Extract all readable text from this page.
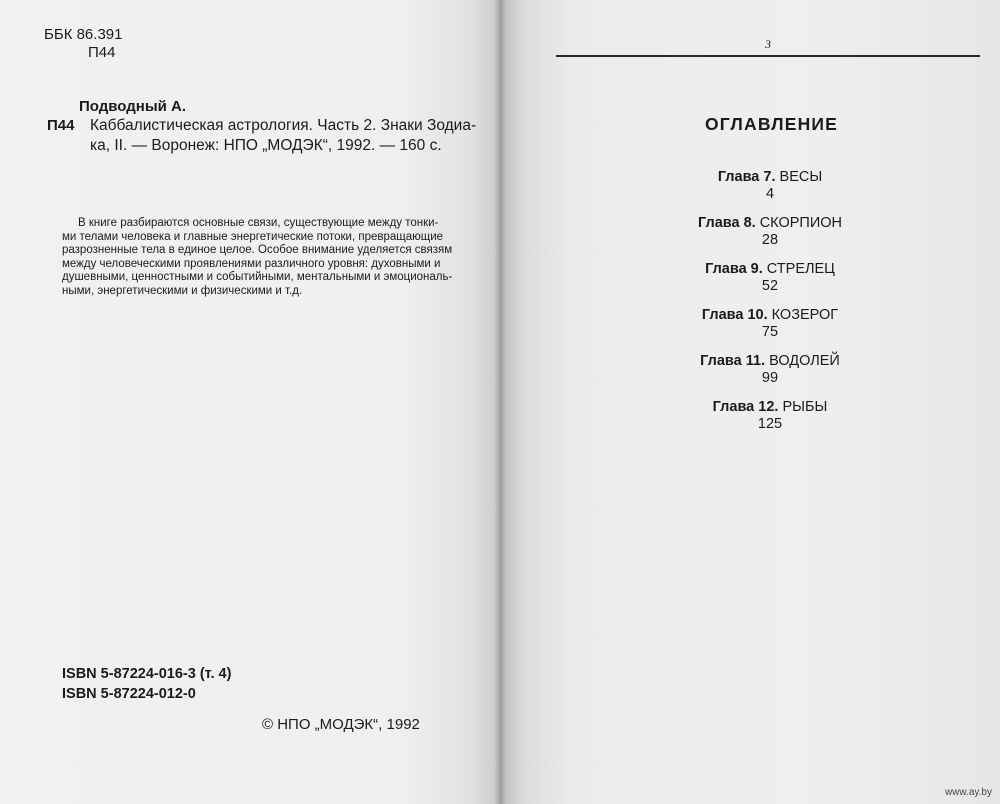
ББК 86.391
П44
Подводный А.
П44 Каббалистическая астрология. Часть 2. Знаки Зодиа-
ка, II. — Воронеж: НПО „МОДЭК“, 1992. — 160 с.
В книге разбираются основные связи, существующие между тонки-
ми телами человека и главные энергетические потоки, превращающие
разрозненные тела в единое целое. Особое внимание уделяется связям
между человеческими проявлениями различного уровня: духовными и
душевными, ценностными и событийными, ментальными и эмоциональ-
ными, энергетическими и физическими и т.д.
ISBN 5-87224-016-3 (т. 4)
ISBN 5-87224-012-0
© НПО „МОДЭК“, 1992
3
ОГЛАВЛЕНИЕ
Глава 7. ВЕСЫ
4
Глава 8. СКОРПИОН
28
Глава 9. СТРЕЛЕЦ
52
Глава 10. КОЗЕРОГ
75
Глава 11. ВОДОЛЕЙ
99
Глава 12. РЫБЫ
125
www.ay.by
